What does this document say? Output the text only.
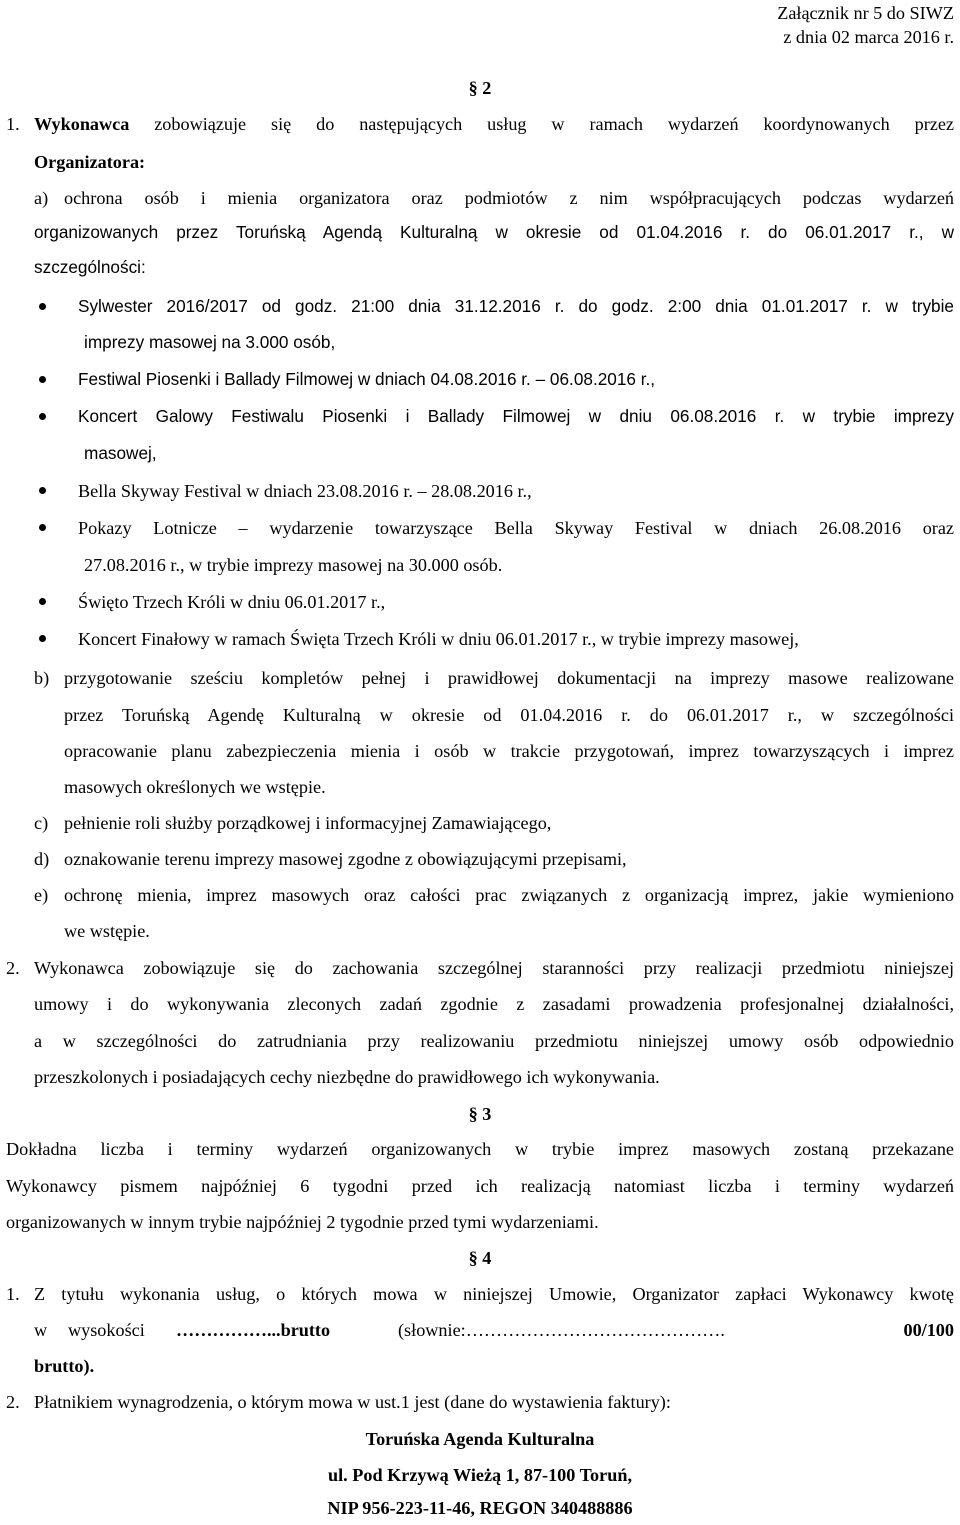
Załącznik nr 5 do SIWZ
z dnia 02 marca 2016 r.
§ 2
1. Wykonawca zobowiązuje się do następujących usług w ramach wydarzeń koordynowanych przez
Organizatora:
a) ochrona osób i mienia organizatora oraz podmiotów z nim współpracujących podczas wydarzeń
organizowanych przez Toruńską Agendą Kulturalną w okresie od 01.04.2016 r. do 06.01.2017 r., w
szczególności:
Sylwester 2016/2017 od godz. 21:00 dnia 31.12.2016 r. do godz. 2:00 dnia 01.01.2017 r. w trybie
imprezy masowej na 3.000 osób,
Festiwal Piosenki i Ballady Filmowej w dniach 04.08.2016 r. – 06.08.2016 r.,
Koncert Galowy Festiwalu Piosenki i Ballady Filmowej w dniu 06.08.2016 r. w trybie imprezy
masowej,
Bella Skyway Festival w dniach 23.08.2016 r. – 28.08.2016 r.,
Pokazy Lotnicze – wydarzenie towarzyszące Bella Skyway Festival w dniach 26.08.2016 oraz
27.08.2016 r., w trybie imprezy masowej na 30.000 osób.
Święto Trzech Króli w dniu 06.01.2017 r.,
Koncert Finałowy w ramach Święta Trzech Króli w dniu 06.01.2017 r., w trybie imprezy masowej,
b) przygotowanie sześciu kompletów pełnej i prawidłowej dokumentacji na imprezy masowe realizowane
przez Toruńską Agendę Kulturalną w okresie od 01.04.2016 r. do 06.01.2017 r., w szczególności
opracowanie planu zabezpieczenia mienia i osób w trakcie przygotowań, imprez towarzyszących i imprez
masowych określonych we wstępie.
c) pełnienie roli służby porządkowej i informacyjnej Zamawiającego,
d) oznakowanie terenu imprezy masowej zgodne z obowiązującymi przepisami,
e) ochronę mienia, imprez masowych oraz całości prac związanych z organizacją imprez, jakie wymieniono
we wstępie.
2. Wykonawca zobowiązuje się do zachowania szczególnej staranności przy realizacji przedmiotu niniejszej
umowy i do wykonywania zleconych zadań zgodnie z zasadami prowadzenia profesjonalnej działalności,
a w szczególności do zatrudniania przy realizowaniu przedmiotu niniejszej umowy osób odpowiednio
przeszkolonych i posiadających cechy niezbędne do prawidłowego ich wykonywania.
§ 3
Dokładna liczba i terminy wydarzeń organizowanych w trybie imprez masowych zostaną przekazane
Wykonawcy pismem najpóźniej 6 tygodni przed ich realizacją natomiast liczba i terminy wydarzeń
organizowanych w innym trybie najpóźniej 2 tygodnie przed tymi wydarzeniami.
§ 4
1. Z tytułu wykonania usług, o których mowa w niniejszej Umowie, Organizator zapłaci Wykonawcy kwotę
w wysokości ……………...brutto	(słownie:…………………………………….	00/100
brutto).
2. Płatnikiem wynagrodzenia, o którym mowa w ust.1 jest (dane do wystawienia faktury):
Toruńska Agenda Kulturalna
ul. Pod Krzywą Wieżą 1, 87-100 Toruń,
NIP 956-223-11-46, REGON 340488886
